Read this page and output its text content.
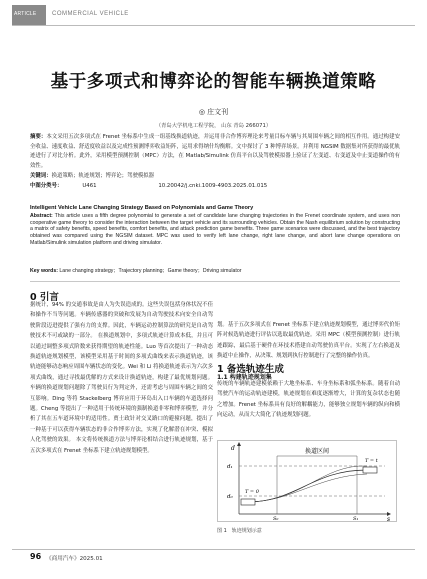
ARTICLE	COMMERCIAL VEHICLE
基于多项式和博弈论的智能车辆换道策略
◎ 庄文刊
（青岛大学机电工程学院， 山东 青岛 266071）
摘要：本文采用五次多项式在 Frenet 坐标系中生成一组基线换道轨迹，并运用非合作博弈理论来考量目标车辆与其周围车辆之间的相互作用。通过构建安全收益、速度收益、舒适度收益以及完成性预测博弈收益矩阵，运用求得纳什均衡解。文中探讨了 3 种博弈场景。并利用 NGSIM 数据集对所获得的最优轨迹进行了对比分析。此外，采用模型预测控制（MPC）方法，在 Matlab/Simulink 仿真平台以及驾驶模拟器上验证了左变道、右变道及中止变道操作的有效性。
关键词：换道策略；轨迹规划；博弈论；驾驶模拟器
中图分类号：	U461	10.20042/j.cnki.1009-4903.2025.01.015
Intelligent Vehicle Lane Changing Strategy Based on Polynomials and Game Theory
Abstract: This article uses a fifth degree polynomial to generate a set of candidate lane changing trajectories in the Frenet coordinate system, and uses non cooperative game theory to consider the interaction between the target vehicle and its surrounding vehicles. Obtain the Nash equilibrium solution by constructing a matrix of safety benefits, speed benefits, comfort benefits, and attack prediction game benefits. Three game scenarios were discussed, and the best trajectory obtained was compared using the NGSIM dataset. MPC was used to verify left lane change, right lane change, and abort lane change operations on Matlab/Simulink simulation platform and driving simulator.
Key words: Lane changing strategy；Trajectory planning；Game theory；Driving simulator
0 引言
据统计，94% 的交通事故是由人为失误造成的。这些失误包括身体状况不佳和操作不当等问题。车辆传感器的突破和发展为自动驾驶技术向安全自动驾驶阶段迈进提供了强有力的支撑。因此，车辆运动控制算法的研究是自动驾驶技术不可或缺的一部分。 在换道规划中，多项式轨迹计算成本低，并且可以通过调整多项式阶数来获得期望的轨迹性能。Luo 等首次提出了一种动态换道轨迹规划模型，该模型采用基于时间的多项式曲线来表示换道轨迹，该轨迹能够动态响应周围车辆状态的变化。Wei 和 Li 将换道轨迹表示为六次多项式曲线，通过寻找最优解的方式来设计换道轨迹，构建了最优规划问题。 车辆的换道规划问题除了驾驶员行为判定外，还需考虑与周围车辆之间的交互影响。Ding 等将 Stackelberg 博弈应用于环岛出入口车辆的车道选择问题。Cheng 等提出了一种适用于传统环境的强制换道非零和博弈模型，并分析了其在五车道环境中的适用性。贾士政针对交叉路口的避撞问题，提出了一种基于可以获得车辆状态的非合作博弈方法，实现了化解潜在冲突、模拟人化驾驶的效果。 本文将传统换道方法与博弈论相结合进行轨迹规划，基于五次多项式在 Frenet 坐标系下建立轨迹规划模型。
划。基于五次多项式在 Frenet 坐标系下建立轨迹规划模型，通过博弈代价矩阵对候选轨迹进行评估以选取最优轨迹。采用 MPC（模型预测控制）进行轨迹跟踪，最后基于硬件在环技术搭建自动驾驶仿真平台。实现了左右换道及换道中止操作，从决策、规划到执行控制进行了完整的操作仿真。
1 备选轨迹生成
1.1 构建轨迹规划集
传统的车辆轨迹建模依赖于大地坐标系、车身坐标系和弧坐标系。随着自动驾驶汽车的运动轨迹建模，轨迹规划在难度逐渐增大，计算的复杂状态也随之增加。Frenet 坐标系具有良好的解耦能力，能够独立规划车辆的纵向和横向运动，从而大大简化了轨迹规划问题。
d
s
d₁
d₀
换道区间
T = t
T = 0
S₀	S₁
图 1　轨迹规划示意
96 《商用汽车》2025.01
